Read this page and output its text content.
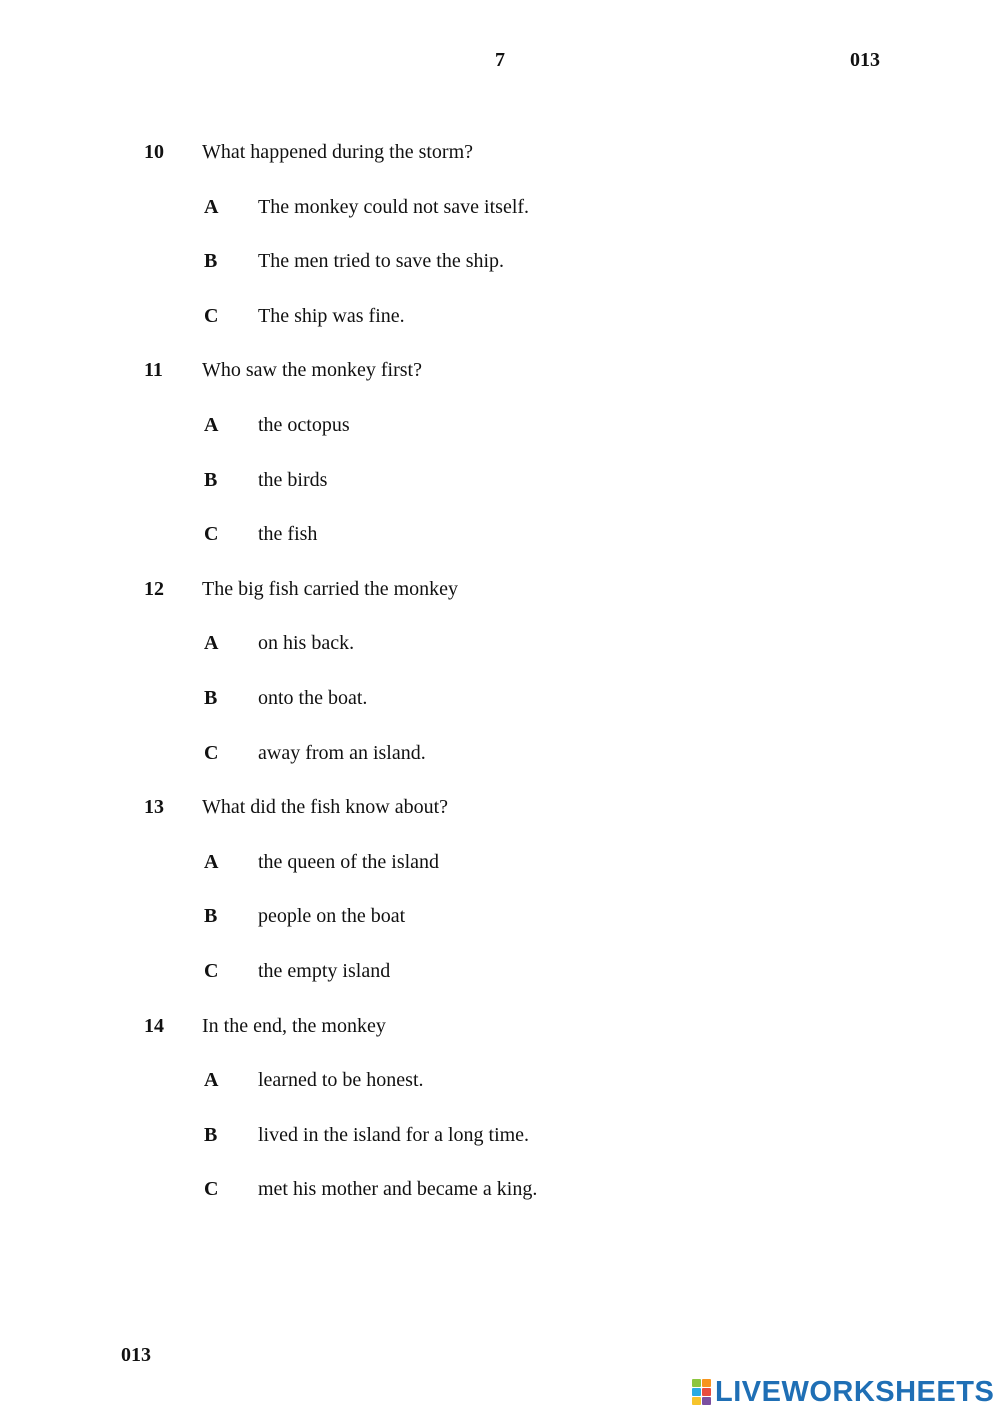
7	013
10	What happened during the storm?
A	The monkey could not save itself.
B	The men tried to save the ship.
C	The ship was fine.
11	Who saw the monkey first?
A	the octopus
B	the birds
C	the fish
12	The big fish carried the monkey
A	on his back.
B	onto the boat.
C	away from an island.
13	What did the fish know about?
A	the queen of the island
B	people on the boat
C	the empty island
14	In the end, the monkey
A	learned to be honest.
B	lived in the island for a long time.
C	met his mother and became a king.
013
LIVEWORKSHEETS
